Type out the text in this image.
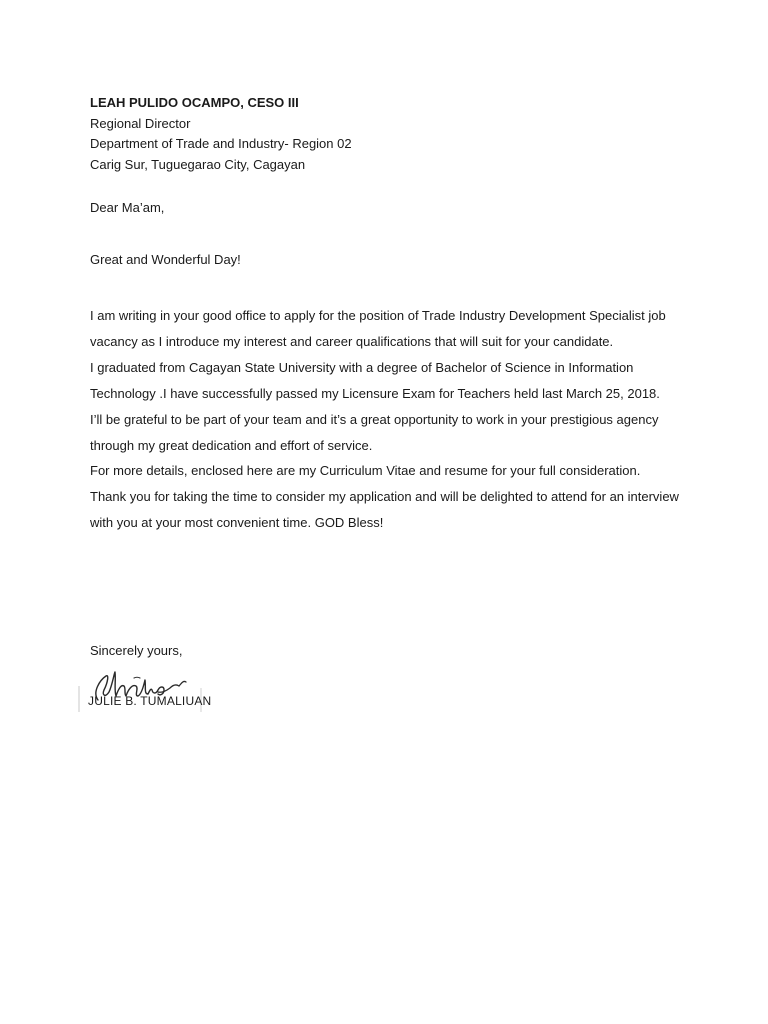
LEAH PULIDO OCAMPO, CESO III
Regional Director
Department of Trade and Industry- Region 02
Carig Sur, Tuguegarao City, Cagayan
Dear Ma’am,
Great and Wonderful Day!
I am writing in your good office to apply for the position of Trade Industry Development Specialist job
vacancy as I introduce my interest and career qualifications that will suit for your candidate.
I graduated from Cagayan State University with a degree of Bachelor of Science in Information
Technology .I have successfully passed my Licensure Exam for Teachers held last March 25, 2018.
I’ll be grateful to be part of your team and it’s a great opportunity to work in your prestigious agency
through my great dedication and effort of service.
For more details, enclosed here are my Curriculum Vitae and resume for your full consideration.
Thank you for taking the time to consider my application and will be delighted to attend for an interview
with you at your most convenient time. GOD Bless!
Sincerely yours,
JULIE B. TUMALIUAN
